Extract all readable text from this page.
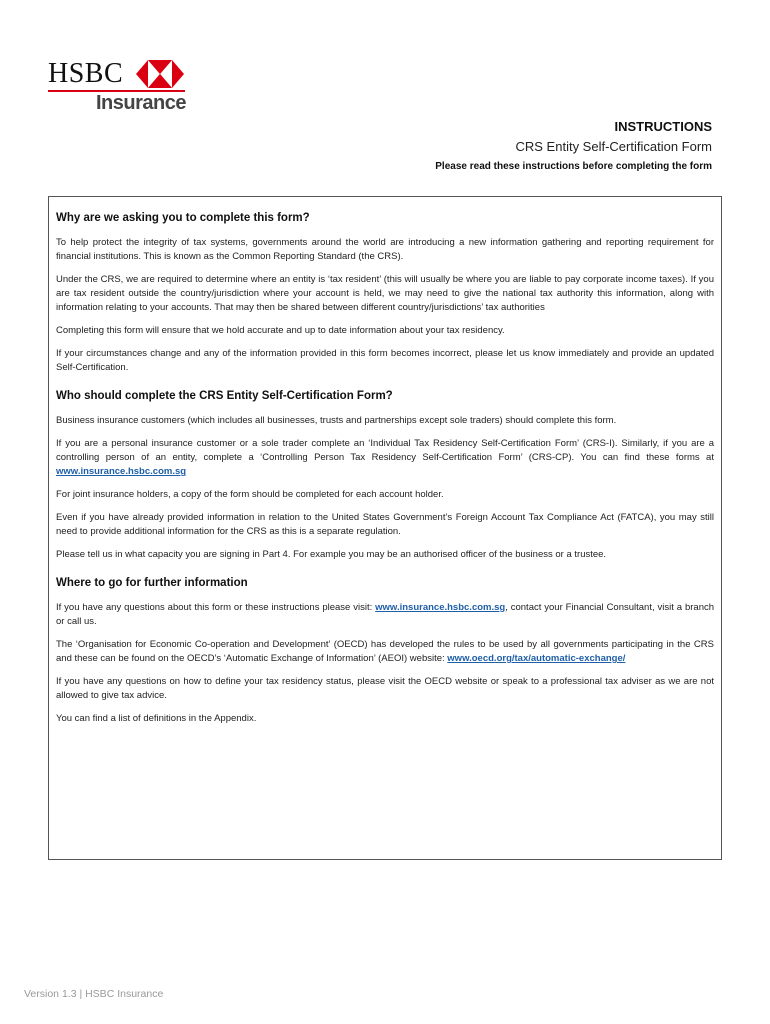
HSBC
Insurance
INSTRUCTIONS
CRS Entity Self-Certification Form
Please read these instructions before completing the form
Why are we asking you to complete this form?

To help protect the integrity of tax systems, governments around the world are introducing a new information gathering and reporting requirement for financial institutions. This is known as the Common Reporting Standard (the CRS).

Under the CRS, we are required to determine where an entity is ‘tax resident’ (this will usually be where you are liable to pay corporate income taxes). If you are tax resident outside the country/jurisdiction where your account is held, we may need to give the national tax authority this information, along with information relating to your accounts. That may then be shared between different country/jurisdictions’ tax authorities

Completing this form will ensure that we hold accurate and up to date information about your tax residency.

If your circumstances change and any of the information provided in this form becomes incorrect, please let us know immediately and provide an updated Self-Certification.

Who should complete the CRS Entity Self-Certification Form?

Business insurance customers (which includes all businesses, trusts and partnerships except sole traders) should complete this form.

If you are a personal insurance customer or a sole trader complete an ‘Individual Tax Residency Self-Certification Form’ (CRS-I). Similarly, if you are a controlling person of an entity, complete a ‘Controlling Person Tax Residency Self-Certification Form’ (CRS-CP). You can find these forms at www.insurance.hsbc.com.sg

For joint insurance holders, a copy of the form should be completed for each account holder.

Even if you have already provided information in relation to the United States Government’s Foreign Account Tax Compliance Act (FATCA), you may still need to provide additional information for the CRS as this is a separate regulation.

Please tell us in what capacity you are signing in Part 4. For example you may be an authorised officer of the business or a trustee.

Where to go for further information

If you have any questions about this form or these instructions please visit: www.insurance.hsbc.com.sg, contact your Financial Consultant, visit a branch or call us.

The ‘Organisation for Economic Co-operation and Development’ (OECD) has developed the rules to be used by all governments participating in the CRS and these can be found on the OECD’s ‘Automatic Exchange of Information’ (AEOI) website: www.oecd.org/tax/automatic-exchange/

If you have any questions on how to define your tax residency status, please visit the OECD website or speak to a professional tax adviser as we are not allowed to give tax advice.

You can find a list of definitions in the Appendix.

Version 1.3 | HSBC Insurance
